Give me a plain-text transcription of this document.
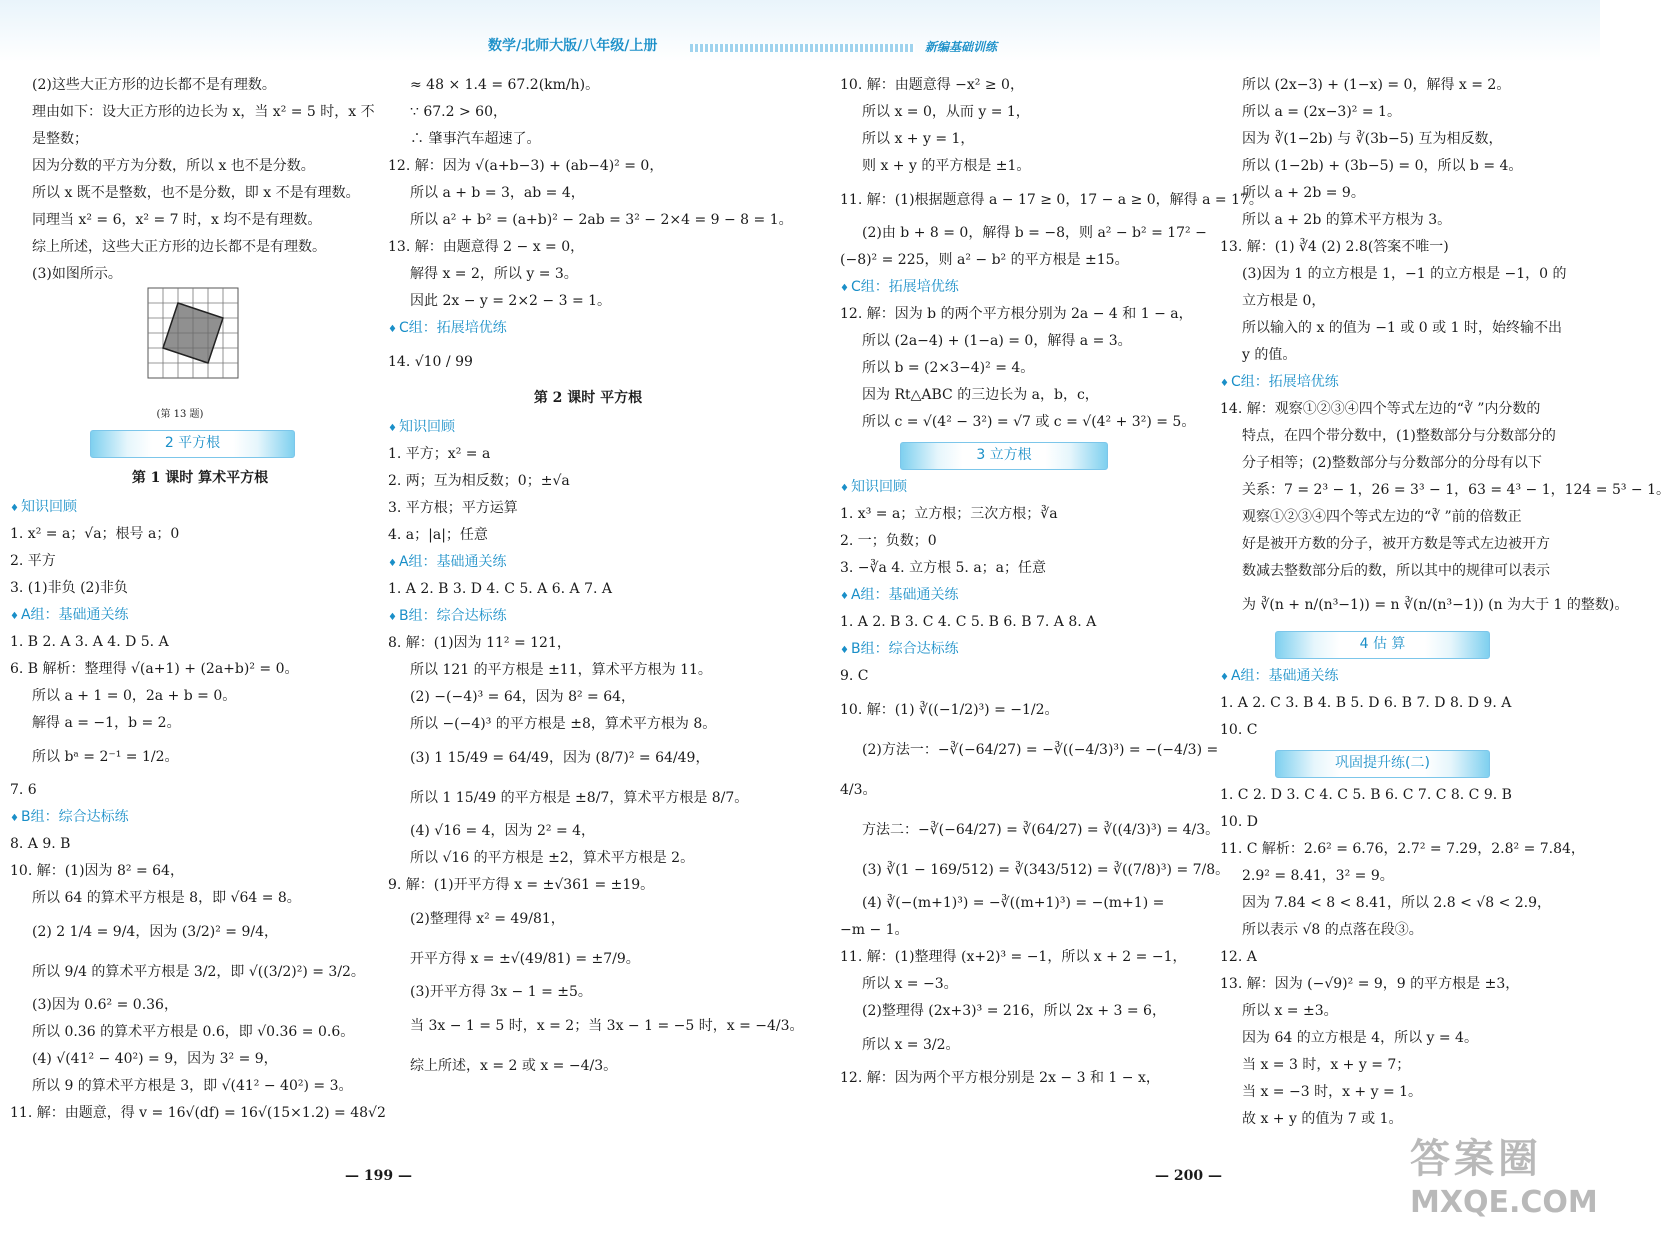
数学/北师大版/八年级/上册	新编基础训练
(2)这些大正方形的边长都不是有理数。
理由如下：设大正方形的边长为 x，当 x² = 5 时，x 不
是整数；
因为分数的平方为分数，所以 x 也不是分数。
所以 x 既不是整数，也不是分数，即 x 不是有理数。
同理当 x² = 6，x² = 7 时，x 均不是有理数。
综上所述，这些大正方形的边长都不是有理数。
(3)如图所示。
(第 13 题)
2 平方根
第 1 课时 算术平方根
♦ 知识回顾
1. x² = a；√a；根号 a；0
2. 平方
3. (1)非负 (2)非负
♦ A组：基础通关练
1. B 2. A 3. A 4. D 5. A
6. B 解析：整理得 √(a+1) + (2a+b)² = 0。
所以 a + 1 = 0，2a + b = 0。
解得 a = −1，b = 2。
所以 bᵃ = 2⁻¹ = 1/2。
7. 6
♦ B组：综合达标练
8. A 9. B
10. 解：(1)因为 8² = 64，
所以 64 的算术平方根是 8，即 √64 = 8。
(2) 2 1/4 = 9/4，因为 (3/2)² = 9/4，
所以 9/4 的算术平方根是 3/2，即 √((3/2)²) = 3/2。
(3)因为 0.6² = 0.36，
所以 0.36 的算术平方根是 0.6，即 √0.36 = 0.6。
(4) √(41² − 40²) = 9，因为 3² = 9，
所以 9 的算术平方根是 3，即 √(41² − 40²) = 3。
11. 解：由题意，得 v = 16√(df) = 16√(15×1.2) = 48√2
≈ 48 × 1.4 = 67.2(km/h)。
∵ 67.2 > 60，
∴ 肇事汽车超速了。
12. 解：因为 √(a+b−3) + (ab−4)² = 0，
所以 a + b = 3，ab = 4，
所以 a² + b² = (a+b)² − 2ab = 3² − 2×4 = 9 − 8 = 1。
13. 解：由题意得 2 − x = 0，
解得 x = 2，所以 y = 3。
因此 2x − y = 2×2 − 3 = 1。
♦ C组：拓展培优练
14. √10 / 99
第 2 课时 平方根
♦ 知识回顾
1. 平方；x² = a
2. 两；互为相反数；0；±√a
3. 平方根；平方运算
4. a；|a|；任意
♦ A组：基础通关练
1. A 2. B 3. D 4. C 5. A 6. A 7. A
♦ B组：综合达标练
8. 解：(1)因为 11² = 121，
所以 121 的平方根是 ±11，算术平方根为 11。
(2) −(−4)³ = 64，因为 8² = 64，
所以 −(−4)³ 的平方根是 ±8，算术平方根为 8。
(3) 1 15/49 = 64/49，因为 (8/7)² = 64/49，
所以 1 15/49 的平方根是 ±8/7，算术平方根是 8/7。
(4) √16 = 4，因为 2² = 4，
所以 √16 的平方根是 ±2，算术平方根是 2。
9. 解：(1)开平方得 x = ±√361 = ±19。
(2)整理得 x² = 49/81，
开平方得 x = ±√(49/81) = ±7/9。
(3)开平方得 3x − 1 = ±5。
当 3x − 1 = 5 时，x = 2；当 3x − 1 = −5 时，x = −4/3。
综上所述，x = 2 或 x = −4/3。
10. 解：由题意得 −x² ≥ 0，
所以 x = 0，从而 y = 1，
所以 x + y = 1，
则 x + y 的平方根是 ±1。
11. 解：(1)根据题意得 a − 17 ≥ 0，17 − a ≥ 0，解得 a = 17。
(2)由 b + 8 = 0，解得 b = −8，则 a² − b² = 17² −
(−8)² = 225，则 a² − b² 的平方根是 ±15。
♦ C组：拓展培优练
12. 解：因为 b 的两个平方根分别为 2a − 4 和 1 − a，
所以 (2a−4) + (1−a) = 0，解得 a = 3。
所以 b = (2×3−4)² = 4。
因为 Rt△ABC 的三边长为 a，b，c，
所以 c = √(4² − 3²) = √7 或 c = √(4² + 3²) = 5。
3 立方根
♦ 知识回顾
1. x³ = a；立方根；三次方根；∛a
2. 一；负数；0
3. −∛a 4. 立方根 5. a；a；任意
♦ A组：基础通关练
1. A 2. B 3. C 4. C 5. B 6. B 7. A 8. A
♦ B组：综合达标练
9. C
10. 解：(1) ∛((−1/2)³) = −1/2。
(2)方法一：−∛(−64/27) = −∛((−4/3)³) = −(−4/3) =
4/3。
方法二：−∛(−64/27) = ∛(64/27) = ∛((4/3)³) = 4/3。
(3) ∛(1 − 169/512) = ∛(343/512) = ∛((7/8)³) = 7/8。
(4) ∛(−(m+1)³) = −∛((m+1)³) = −(m+1) =
−m − 1。
11. 解：(1)整理得 (x+2)³ = −1，所以 x + 2 = −1，
所以 x = −3。
(2)整理得 (2x+3)³ = 216，所以 2x + 3 = 6，
所以 x = 3/2。
12. 解：因为两个平方根分别是 2x − 3 和 1 − x，
所以 (2x−3) + (1−x) = 0，解得 x = 2。
所以 a = (2x−3)² = 1。
因为 ∛(1−2b) 与 ∛(3b−5) 互为相反数，
所以 (1−2b) + (3b−5) = 0，所以 b = 4。
所以 a + 2b = 9。
所以 a + 2b 的算术平方根为 3。
13. 解：(1) ∛4 (2) 2.8(答案不唯一)
(3)因为 1 的立方根是 1，−1 的立方根是 −1，0 的
立方根是 0，
所以输入的 x 的值为 −1 或 0 或 1 时，始终输不出
y 的值。
♦ C组：拓展培优练
14. 解：观察①②③④四个等式左边的“∛ ”内分数的
特点，在四个带分数中，(1)整数部分与分数部分的
分子相等；(2)整数部分与分数部分的分母有以下
关系：7 = 2³ − 1，26 = 3³ − 1，63 = 4³ − 1，124 = 5³ − 1。
观察①②③④四个等式左边的“∛ ”前的倍数正
好是被开方数的分子，被开方数是等式左边被开方
数减去整数部分后的数，所以其中的规律可以表示
为 ∛(n + n/(n³−1)) = n ∛(n/(n³−1)) (n 为大于 1 的整数)。
4 估 算
♦ A组：基础通关练
1. A 2. C 3. B 4. B 5. D 6. B 7. D 8. D 9. A
10. C
巩固提升练(二)
1. C 2. D 3. C 4. C 5. B 6. C 7. C 8. C 9. B
10. D
11. C 解析：2.6² = 6.76，2.7² = 7.29，2.8² = 7.84，
2.9² = 8.41，3² = 9。
因为 7.84 < 8 < 8.41，所以 2.8 < √8 < 2.9，
所以表示 √8 的点落在段③。
12. A
13. 解：因为 (−√9)² = 9，9 的平方根是 ±3，
所以 x = ±3。
因为 64 的立方根是 4，所以 y = 4。
当 x = 3 时，x + y = 7；
当 x = −3 时，x + y = 1。
故 x + y 的值为 7 或 1。
— 199 —	— 200 —	答案圈
MXQE.COM
